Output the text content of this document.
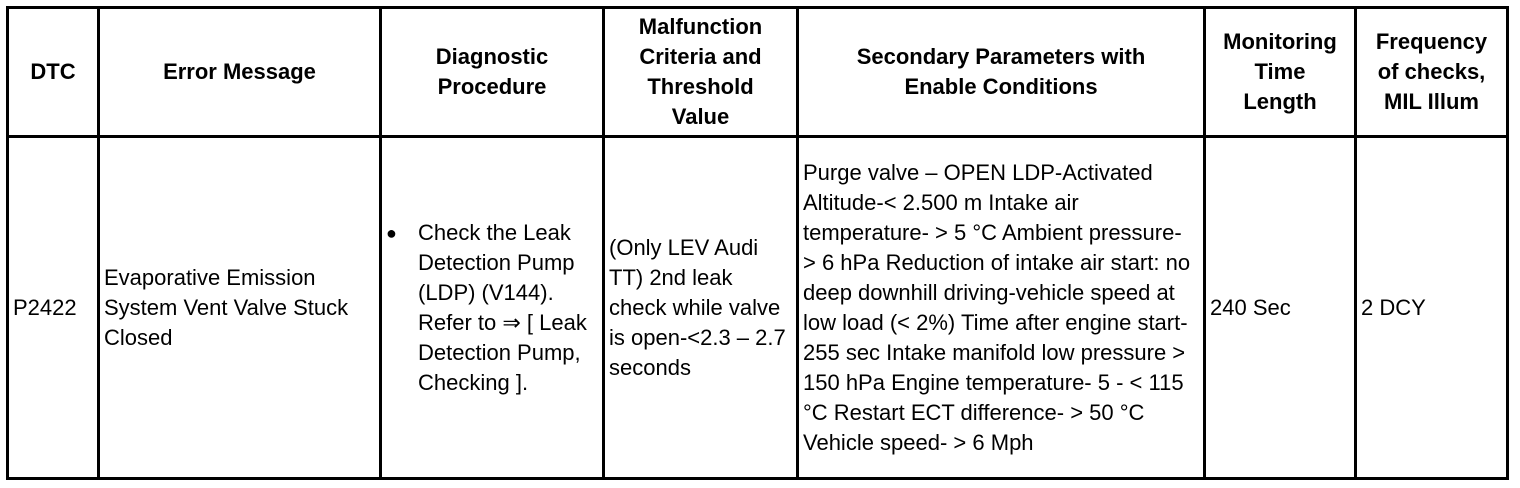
DTC	Error Message	Diagnostic Procedure	Malfunction Criteria and Threshold Value	Secondary Parameters with Enable Conditions	Monitoring Time Length	Frequency of checks, MIL Illum
P2422	Evaporative Emission System Vent Valve Stuck Closed	● Check the Leak Detection Pump (LDP) (V144). Refer to ⇒ [ Leak Detection Pump, Checking ].	(Only LEV Audi TT) 2nd leak check while valve is open-<2.3 – 2.7 seconds	Purge valve – OPEN LDP-Activated Altitude-< 2.500 m Intake air temperature- > 5 °C Ambient pressure- > 6 hPa Reduction of intake air start: no deep downhill driving-vehicle speed at low load (< 2%) Time after engine start- 255 sec Intake manifold low pressure > 150 hPa Engine temperature- 5 - < 115 °C Restart ECT difference- > 50 °C Vehicle speed- > 6 Mph	240 Sec	2 DCY
